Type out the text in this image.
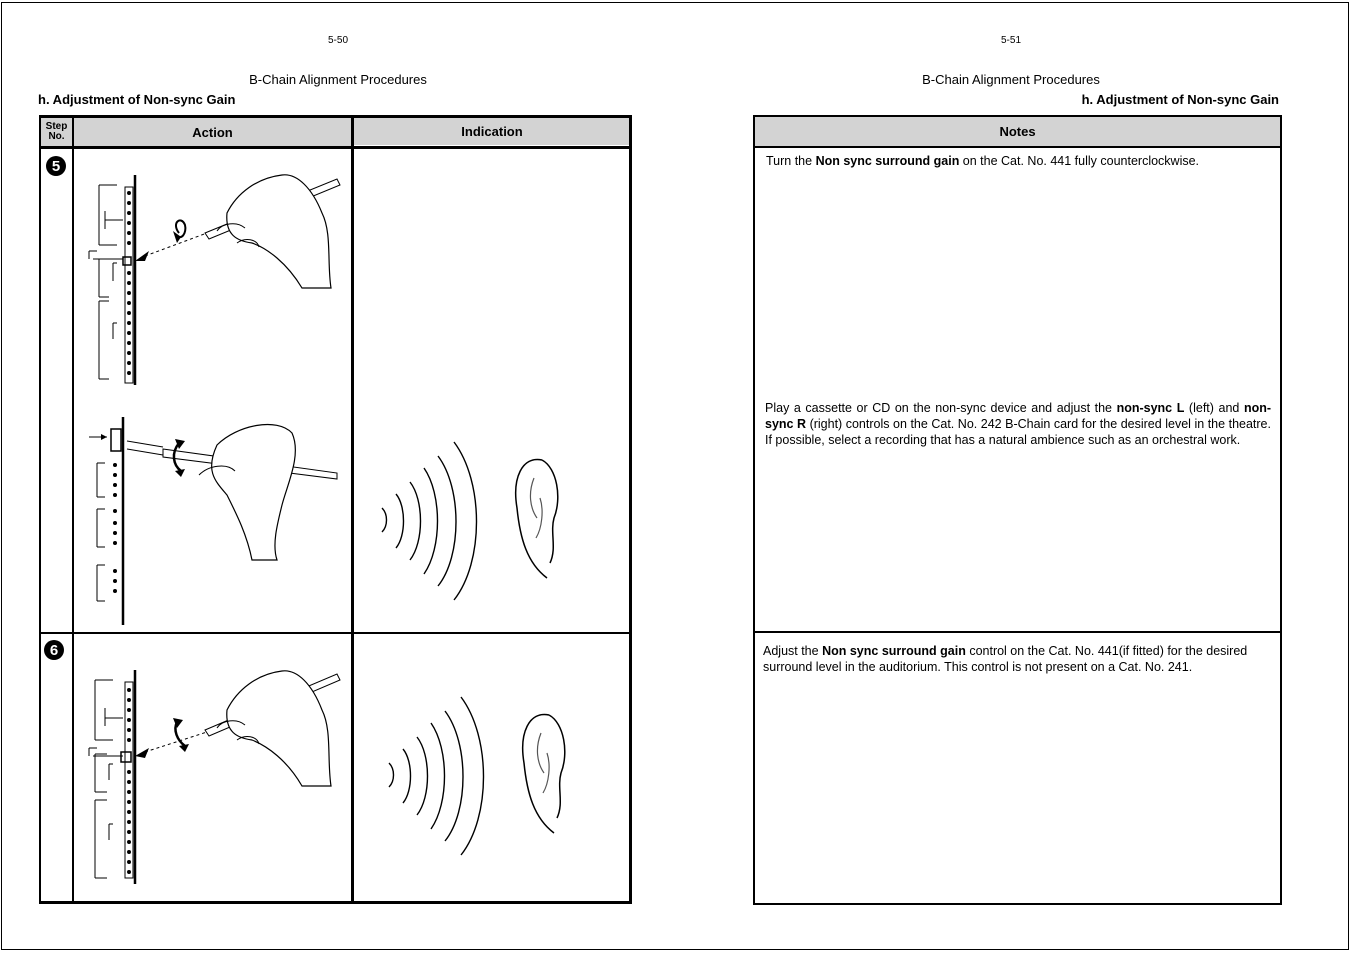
5-50
B-Chain Alignment Procedures
h. Adjustment of Non-sync Gain
Step No.	Action	Indication
5
6
5-51
B-Chain Alignment Procedures
h. Adjustment of Non-sync Gain
Notes
Turn the Non sync surround gain on the Cat. No. 441 fully counterclockwise.
Play a cassette or CD on the non-sync device and adjust the non-sync L (left) and non-sync R (right) controls on the Cat. No. 242 B-Chain card for the desired level in the theatre. If possible, select a recording that has a natural ambience such as an orchestral work.
Adjust the Non sync surround gain control on the Cat. No. 441(if fitted) for the desired surround level in the auditorium. This control is not present on a Cat. No. 241.
